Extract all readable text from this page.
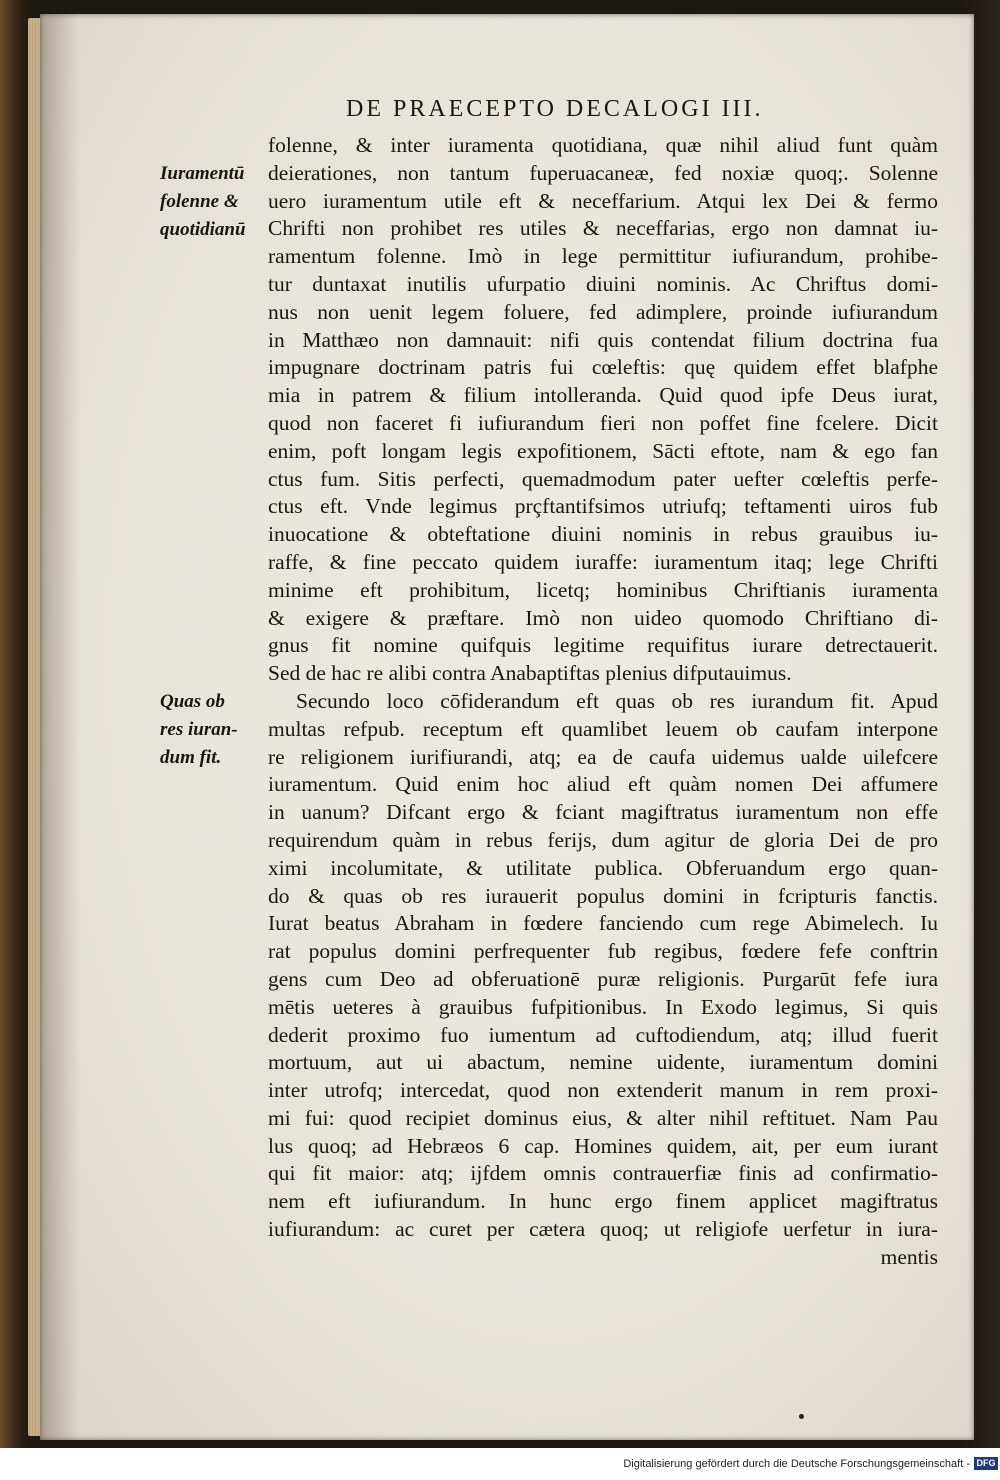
DE PRAECEPTO DECALOGI III.
Iuramentū
folenne &
quotidianū
Quas ob
res iuran-
dum fit.
folenne, & inter iuramenta quotidiana, quæ nihil aliud funt quàm
deierationes, non tantum fuperuacaneæ, fed noxiæ quoq;. Solenne
uero iuramentum utile eft & neceffarium. Atqui lex Dei & fermo
Chrifti non prohibet res utiles & neceffarias, ergo non damnat iu-
ramentum folenne. Imò in lege permittitur iufiurandum, prohibe-
tur duntaxat inutilis ufurpatio diuini nominis. Ac Chriftus domi-
nus non uenit legem foluere, fed adimplere, proinde iufiurandum
in Matthæo non damnauit: nifi quis contendat filium doctrina fua
impugnare doctrinam patris fui cœleftis: quę quidem effet blafphe
mia in patrem & filium intolleranda. Quid quod ipfe Deus iurat,
quod non faceret fi iufiurandum fieri non poffet fine fcelere. Dicit
enim, poft longam legis expofitionem, Sācti eftote, nam & ego fan
ctus fum. Sitis perfecti, quemadmodum pater uefter cœleftis perfe-
ctus eft. Vnde legimus prçftantifsimos utriufq; teftamenti uiros fub
inuocatione & obteftatione diuini nominis in rebus grauibus iu-
raffe, & fine peccato quidem iuraffe: iuramentum itaq; lege Chrifti
minime eft prohibitum, licetq; hominibus Chriftianis iuramenta
& exigere & præftare. Imò non uideo quomodo Chriftiano di-
gnus fit nomine quifquis legitime requifitus iurare detrectauerit.
Sed de hac re alibi contra Anabaptiftas plenius difputauimus.
Secundo loco cōfiderandum eft quas ob res iurandum fit. Apud
multas refpub. receptum eft quamlibet leuem ob caufam interpone
re religionem iurifiurandi, atq; ea de caufa uidemus ualde uilefcere
iuramentum. Quid enim hoc aliud eft quàm nomen Dei affumere
in uanum? Difcant ergo & fciant magiftratus iuramentum non effe
requirendum quàm in rebus ferijs, dum agitur de gloria Dei de pro
ximi incolumitate, & utilitate publica. Obferuandum ergo quan-
do & quas ob res iurauerit populus domini in fcripturis fanctis.
Iurat beatus Abraham in fœdere fanciendo cum rege Abimelech. Iu
rat populus domini perfrequenter fub regibus, fœdere fefe conftrin
gens cum Deo ad obferuationē puræ religionis. Purgarūt fefe iura
mētis ueteres à grauibus fufpitionibus. In Exodo legimus, Si quis
dederit proximo fuo iumentum ad cuftodiendum, atq; illud fuerit
mortuum, aut ui abactum, nemine uidente, iuramentum domini
inter utrofq; intercedat, quod non extenderit manum in rem proxi-
mi fui: quod recipiet dominus eius, & alter nihil reftituet. Nam Pau
lus quoq; ad Hebræos 6 cap. Homines quidem, ait, per eum iurant
qui fit maior: atq; ijfdem omnis contrauerfiæ finis ad confirmatio-
nem eft iufiurandum. In hunc ergo finem applicet magiftratus
iufiurandum: ac curet per cætera quoq; ut religiofe uerfetur in iura-
mentis
Digitalisierung gefördert durch die Deutsche Forschungsgemeinschaft - DFG
